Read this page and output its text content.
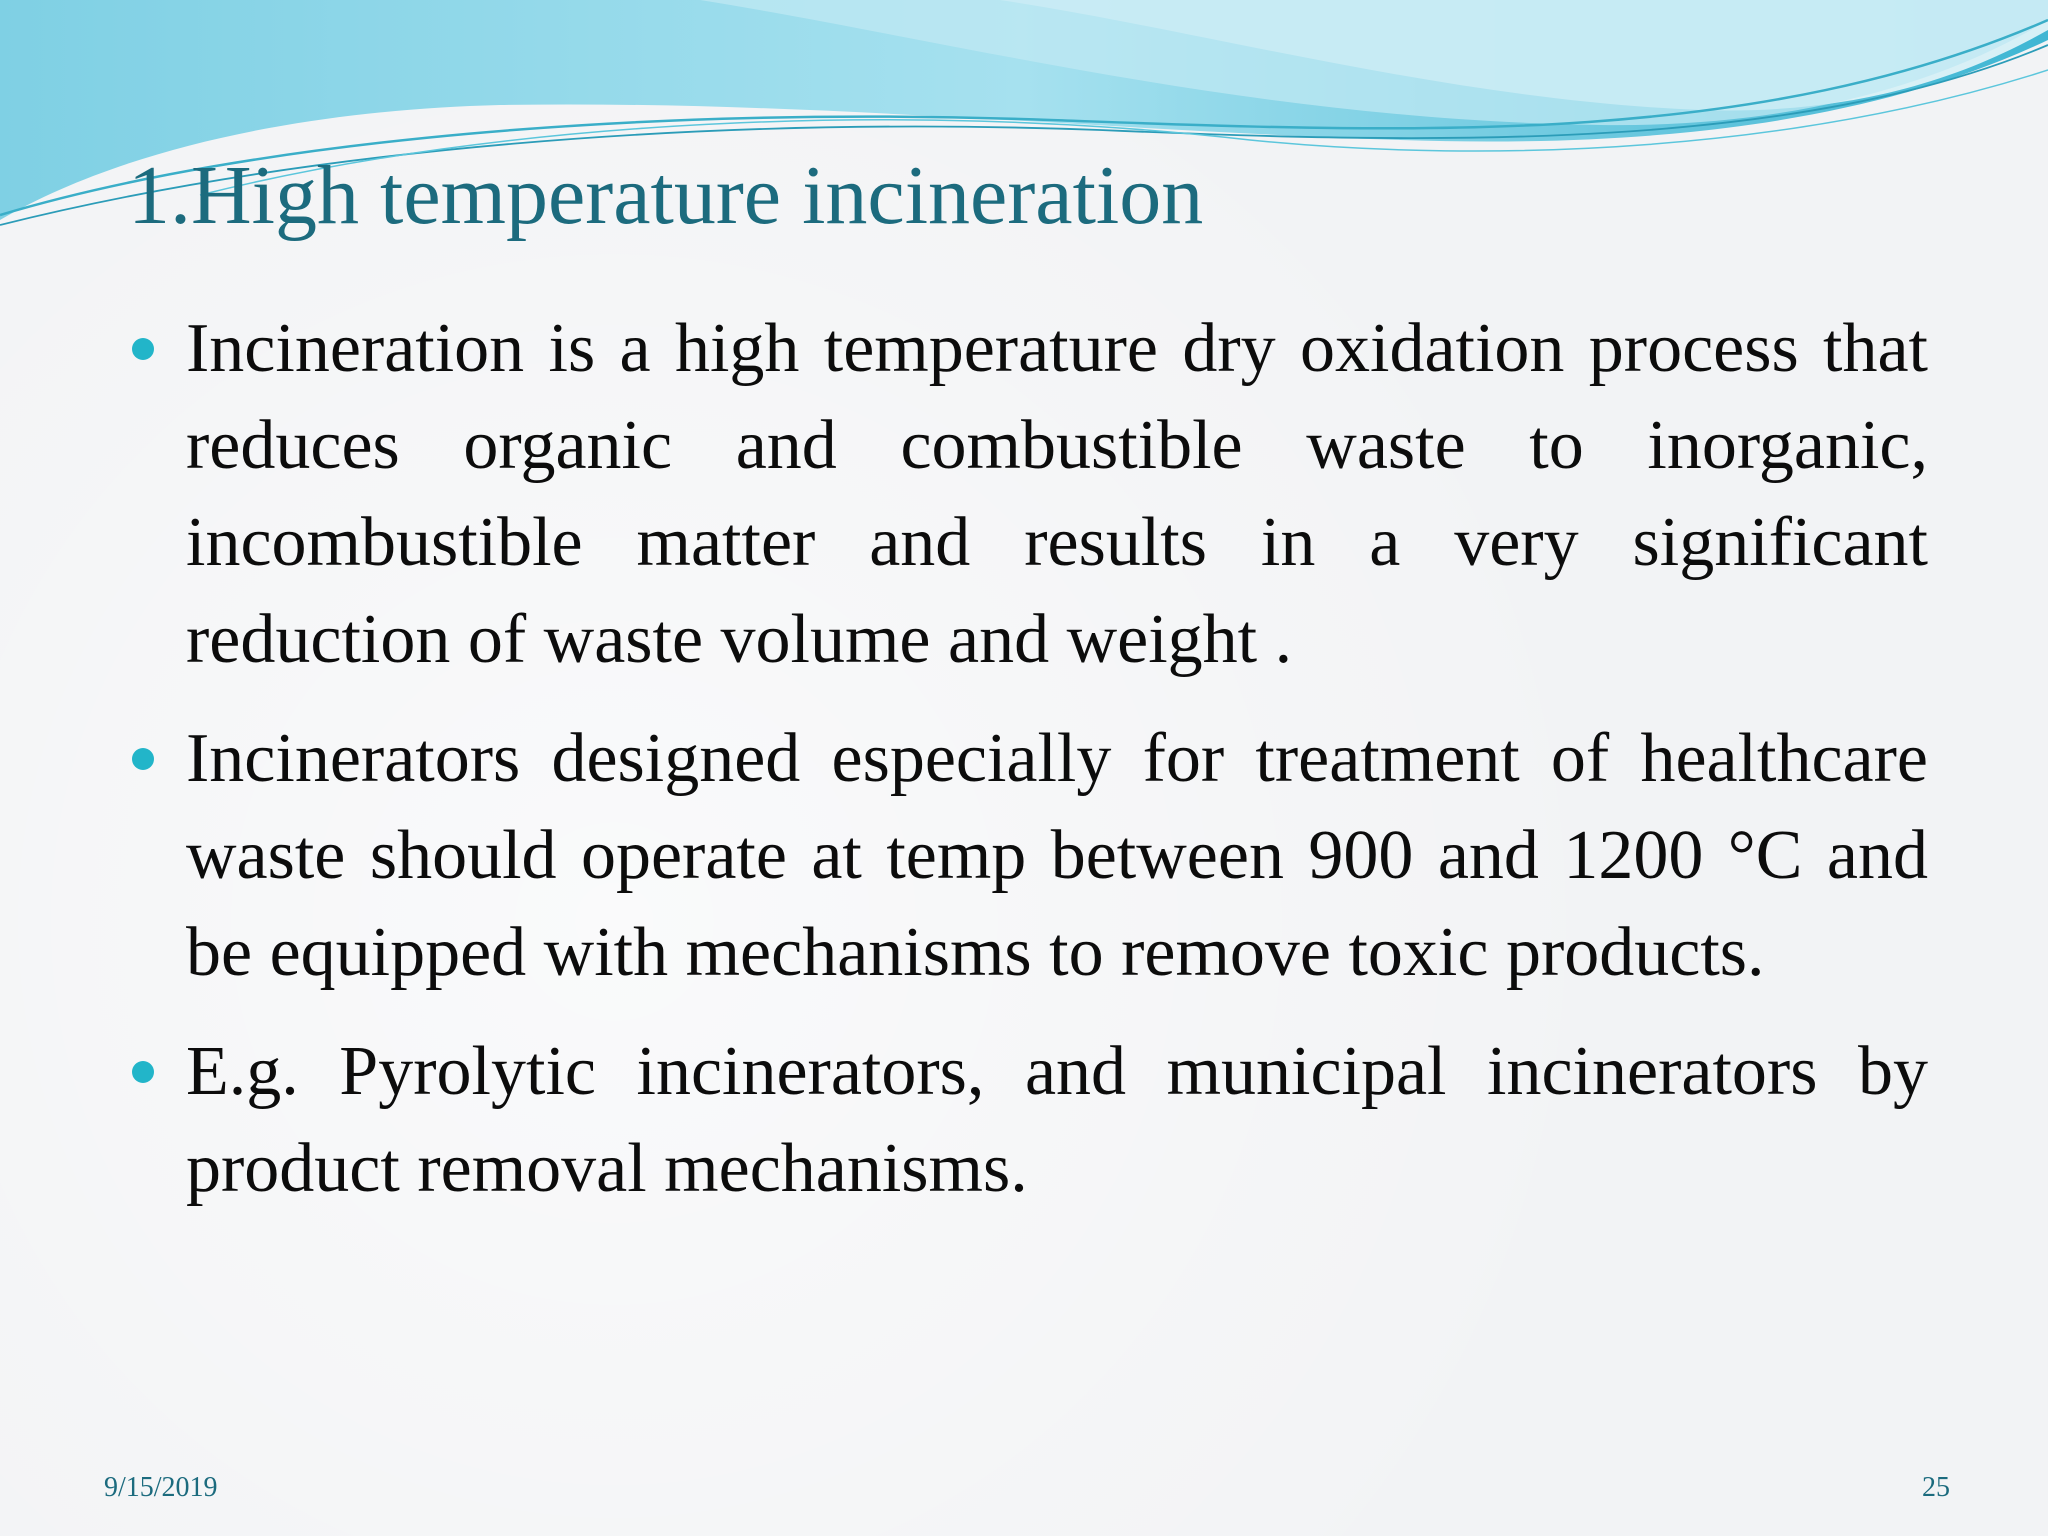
1.High temperature incineration

Incineration is a high temperature dry oxidation process that reduces organic and combustible waste to inorganic, incombustible matter and results in a very significant reduction of waste volume and weight .

Incinerators designed especially for treatment of healthcare waste should operate at temp between 900 and 1200 °C and be equipped with mechanisms to remove toxic products.

E.g. Pyrolytic incinerators, and municipal incinerators by product removal mechanisms.

9/15/2019	25
